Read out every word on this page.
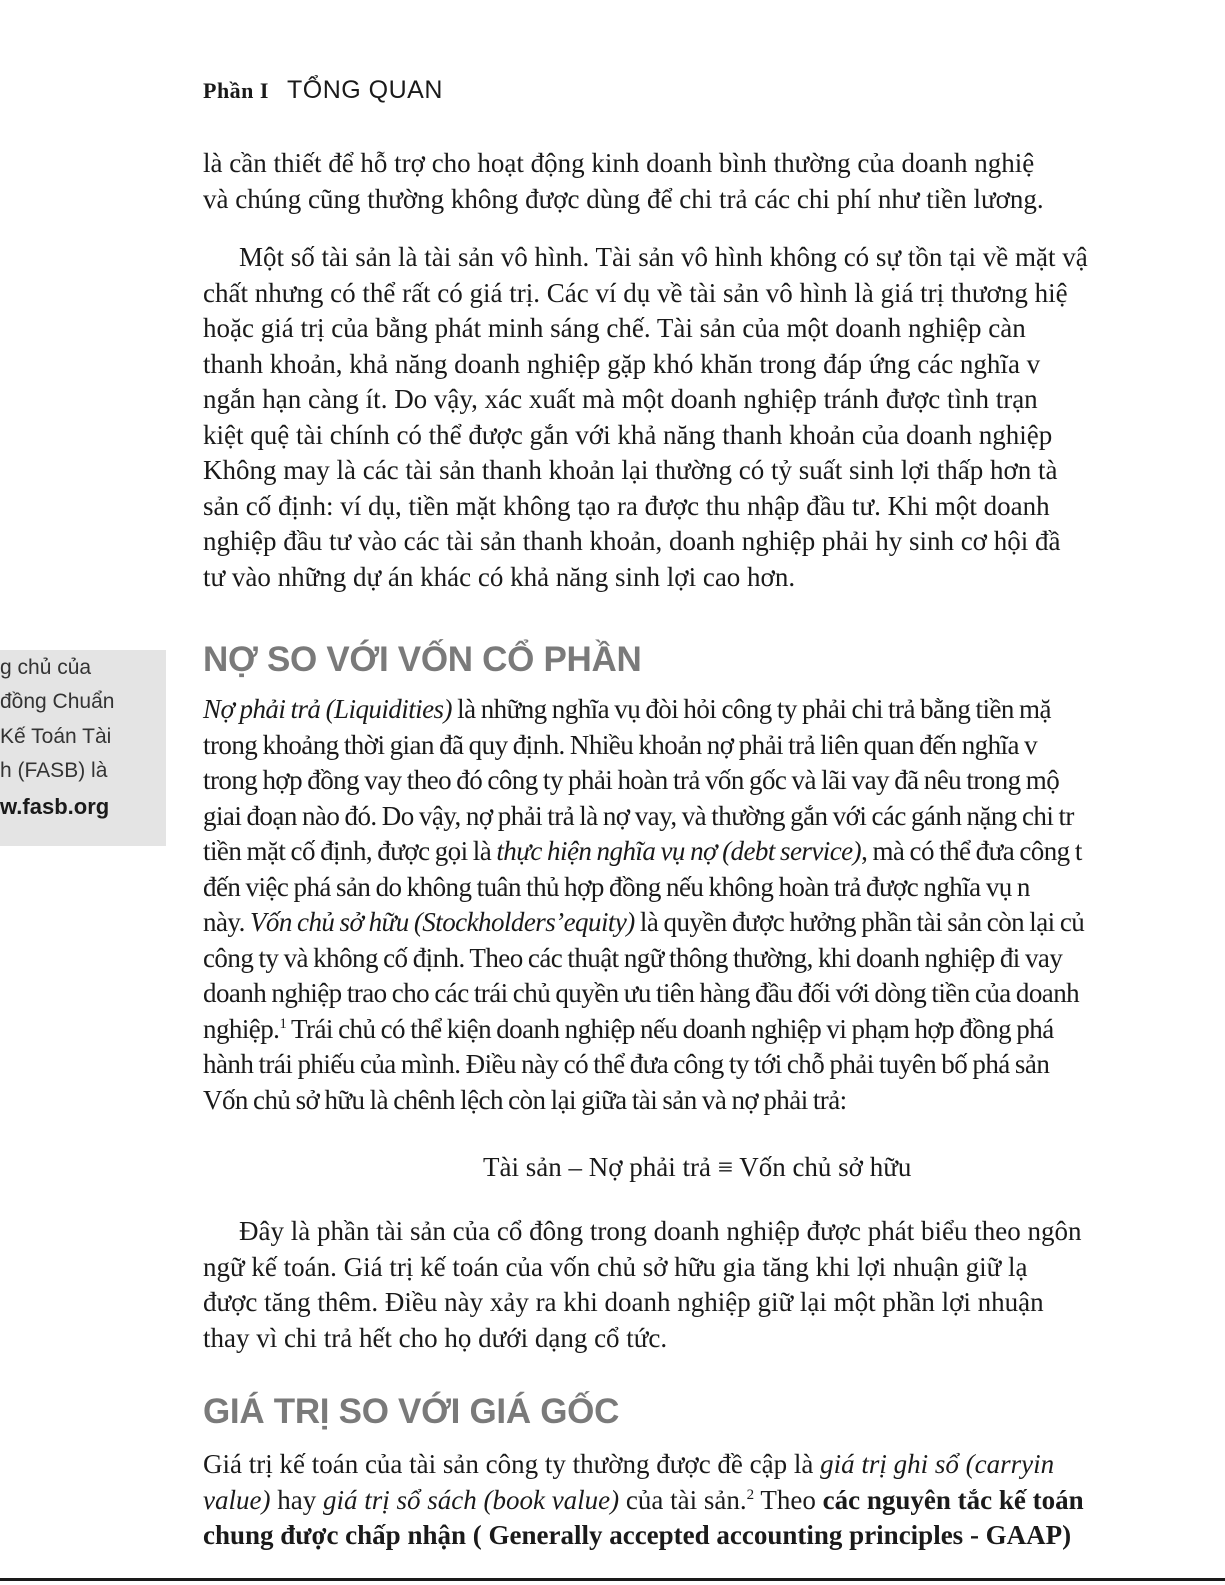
Phần I TỔNG QUAN
là cần thiết để hỗ trợ cho hoạt động kinh doanh bình thường của doanh nghiệ
và chúng cũng thường không được dùng để chi trả các chi phí như tiền lương.
Một số tài sản là tài sản vô hình. Tài sản vô hình không có sự tồn tại về mặt vậ
chất nhưng có thể rất có giá trị. Các ví dụ về tài sản vô hình là giá trị thương hiệ
hoặc giá trị của bằng phát minh sáng chế. Tài sản của một doanh nghiệp càn
thanh khoản, khả năng doanh nghiệp gặp khó khăn trong đáp ứng các nghĩa v
ngắn hạn càng ít. Do vậy, xác xuất mà một doanh nghiệp tránh được tình trạn
kiệt quệ tài chính có thể được gắn với khả năng thanh khoản của doanh nghiệp
Không may là các tài sản thanh khoản lại thường có tỷ suất sinh lợi thấp hơn tà
sản cố định: ví dụ, tiền mặt không tạo ra được thu nhập đầu tư. Khi một doanh
nghiệp đầu tư vào các tài sản thanh khoản, doanh nghiệp phải hy sinh cơ hội đầ
tư vào những dự án khác có khả năng sinh lợi cao hơn.
g chủ của
đồng Chuẩn
Kế Toán Tài
h (FASB) là
w.fasb.org
NỢ SO VỚI VỐN CỔ PHẦN
Nợ phải trả (Liquidities) là những nghĩa vụ đòi hỏi công ty phải chi trả bằng tiền mặ
trong khoảng thời gian đã quy định. Nhiều khoản nợ phải trả liên quan đến nghĩa v
trong hợp đồng vay theo đó công ty phải hoàn trả vốn gốc và lãi vay đã nêu trong mộ
giai đoạn nào đó. Do vậy, nợ phải trả là nợ vay, và thường gắn với các gánh nặng chi tr
tiền mặt cố định, được gọi là thực hiện nghĩa vụ nợ (debt service), mà có thể đưa công t
đến việc phá sản do không tuân thủ hợp đồng nếu không hoàn trả được nghĩa vụ n
này. Vốn chủ sở hữu (Stockholders’equity) là quyền được hưởng phần tài sản còn lại củ
công ty và không cố định. Theo các thuật ngữ thông thường, khi doanh nghiệp đi vay
doanh nghiệp trao cho các trái chủ quyền ưu tiên hàng đầu đối với dòng tiền của doanh
nghiệp.$^1$ Trái chủ có thể kiện doanh nghiệp nếu doanh nghiệp vi phạm hợp đồng phá
hành trái phiếu của mình. Điều này có thể đưa công ty tới chỗ phải tuyên bố phá sản
Vốn chủ sở hữu là chênh lệch còn lại giữa tài sản và nợ phải trả:
Tài sản – Nợ phải trả ≡ Vốn chủ sở hữu
Đây là phần tài sản của cổ đông trong doanh nghiệp được phát biểu theo ngôn
ngữ kế toán. Giá trị kế toán của vốn chủ sở hữu gia tăng khi lợi nhuận giữ lạ
được tăng thêm. Điều này xảy ra khi doanh nghiệp giữ lại một phần lợi nhuận
thay vì chi trả hết cho họ dưới dạng cổ tức.
GIÁ TRỊ SO VỚI GIÁ GỐC
Giá trị kế toán của tài sản công ty thường được đề cập là giá trị ghi sổ (carryin
value) hay giá trị sổ sách (book value) của tài sản.$^2$ Theo các nguyên tắc kế toán
chung được chấp nhận ( Generally accepted accounting principles - GAAP)
